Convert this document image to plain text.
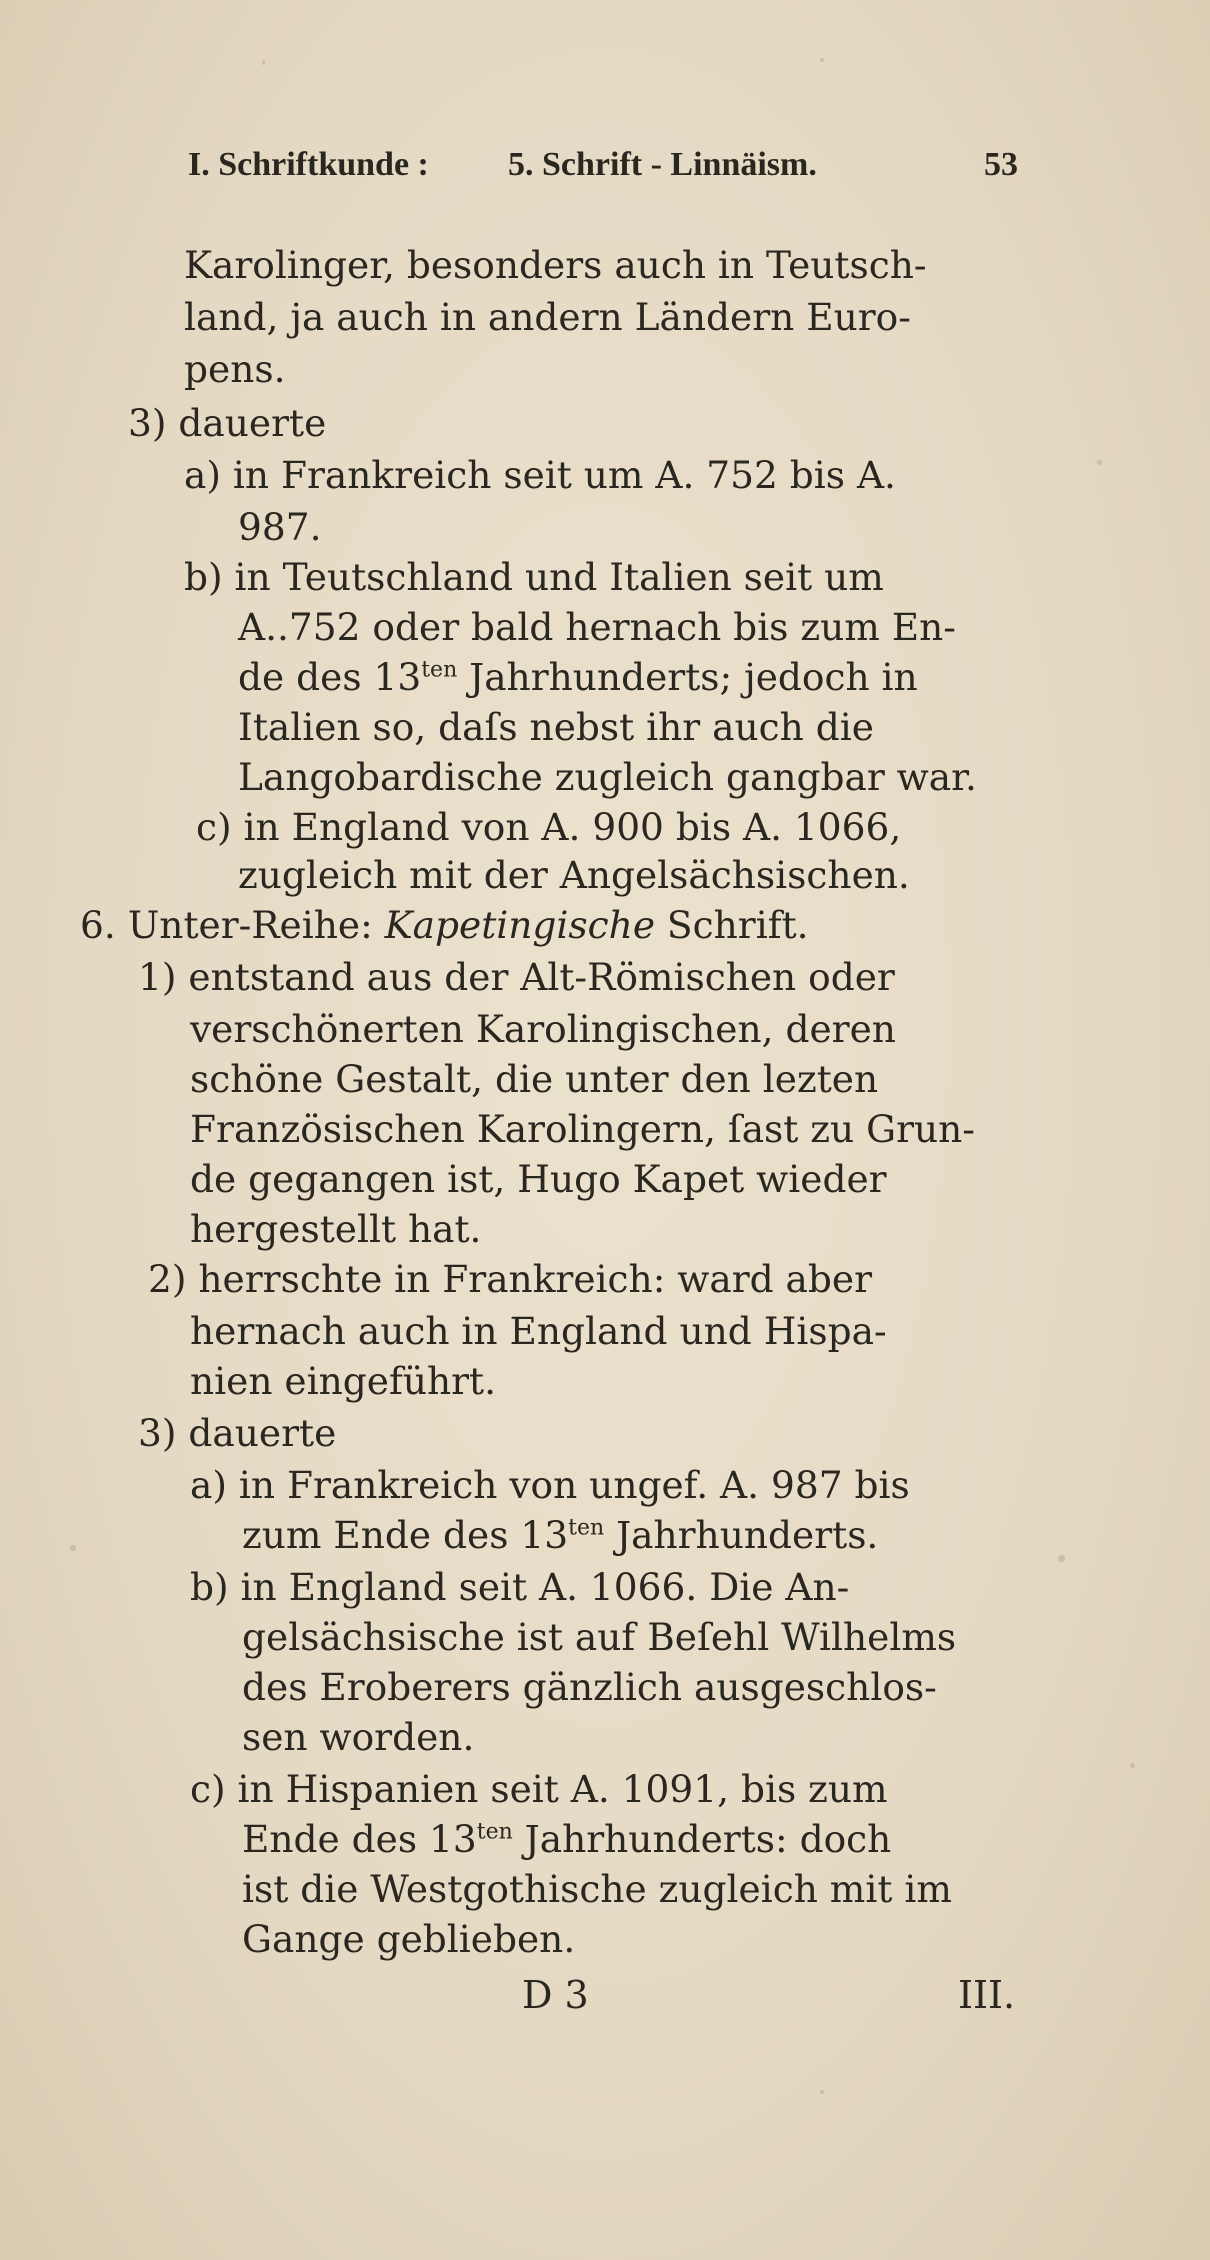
I. Schriftkunde : 5. Schrift - Linnäism.	53
Karolinger, besonders auch in Teutsch-
land, ja auch in andern Ländern Euro-
pens.
3) dauerte
a) in Frankreich seit um A. 752 bis A.
987.
b) in Teutschland und Italien seit um
A..752 oder bald hernach bis zum En-
de des $13^{ten}$ Jahrhunderts; jedoch in
Italien so, daſs nebst ihr auch die
Langobardische zugleich gangbar war.
c) in England von A. 900 bis A. 1066,
zugleich mit der Angelsächsischen.
6. Unter-Reihe: Kapetingische Schrift.
1) entstand aus der Alt-Römischen oder
verschönerten Karolingischen, deren
schöne Gestalt, die unter den lezten
Französischen Karolingern, ſast zu Grun-
de gegangen ist, Hugo Kapet wieder
hergestellt hat.
2) herrschte in Frankreich: ward aber
hernach auch in England und Hispa-
nien eingeführt.
3) dauerte
a) in Frankreich von ungef. A. 987 bis
zum Ende des $13^{ten}$ Jahrhunderts.
b) in England seit A. 1066. Die An-
gelsächsische ist auf Beſehl Wilhelms
des Eroberers gänzlich ausgeschlos-
sen worden.
c) in Hispanien seit A. 1091, bis zum
Ende des $13^{ten}$ Jahrhunderts: doch
ist die Westgothische zugleich mit im
Gange geblieben.
D 3	III.
